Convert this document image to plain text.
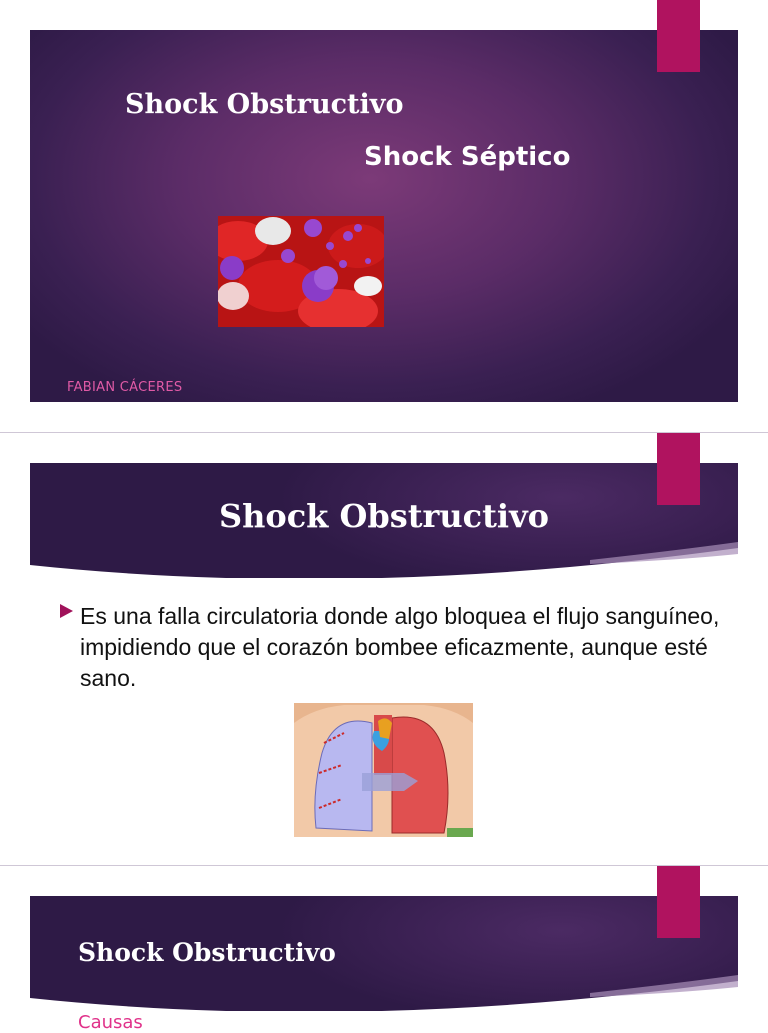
Shock Obstructivo
Shock Séptico
FABIAN CÁCERES
Shock Obstructivo
Es una falla circulatoria donde algo bloquea el flujo sanguíneo, impidiendo que el corazón bombee eficazmente, aunque esté sano.
Shock Obstructivo
Causas
